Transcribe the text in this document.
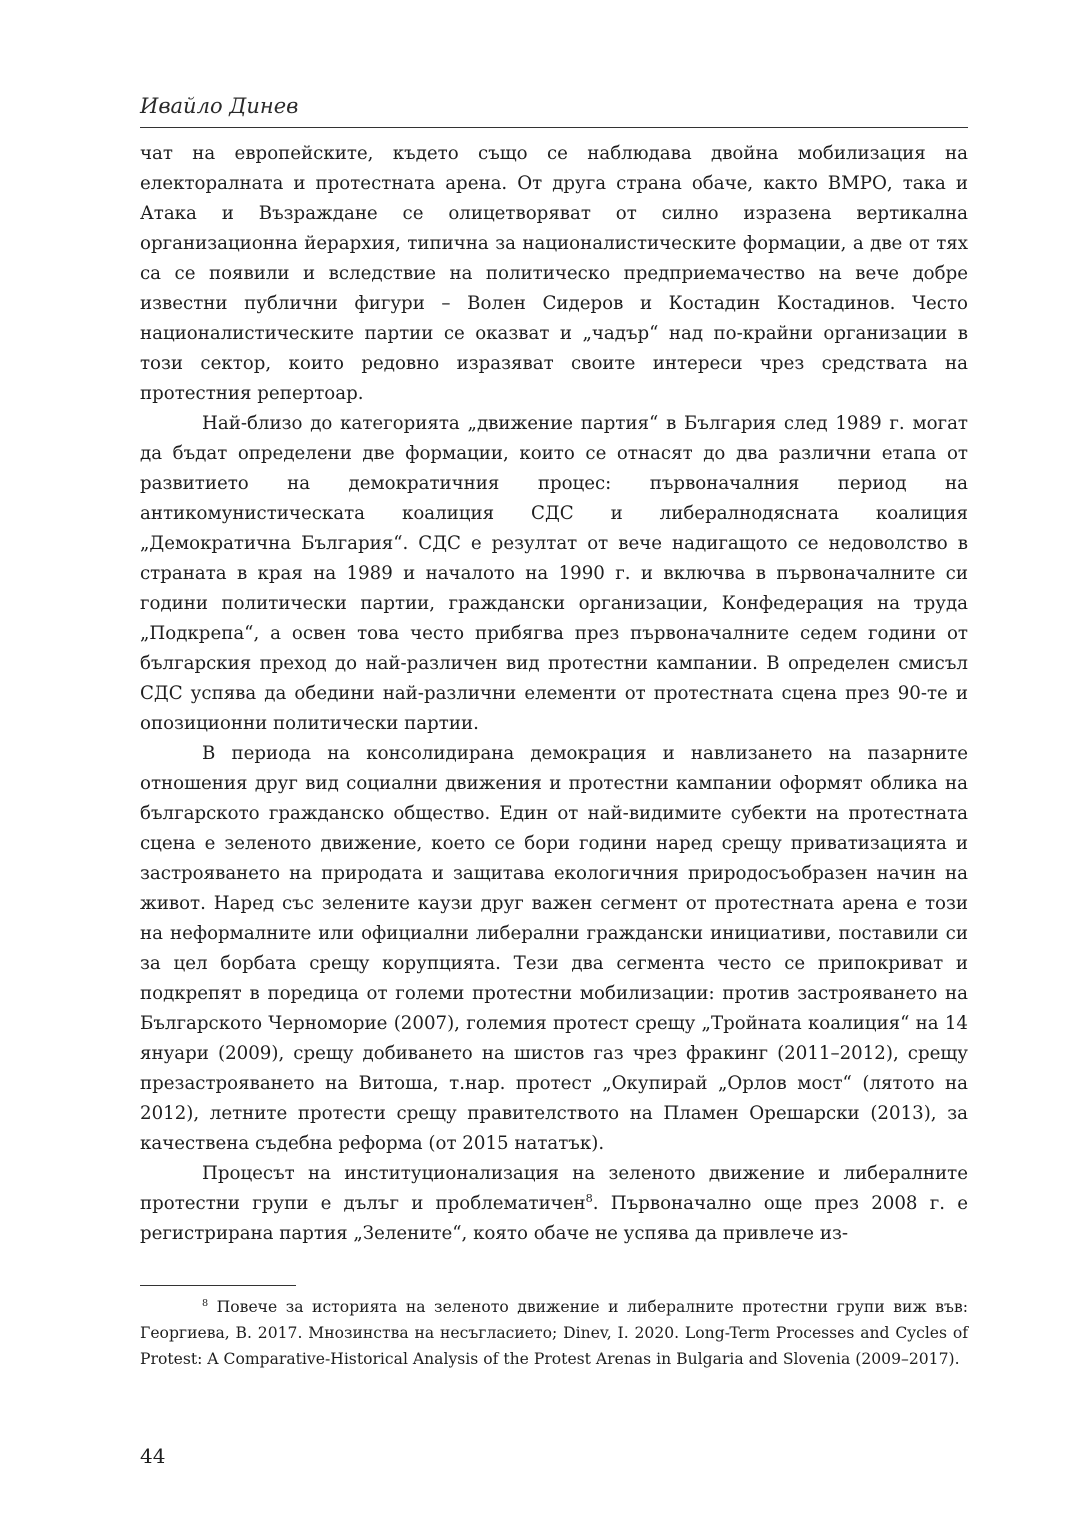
Ивайло Динев

чат на европейските, където също се наблюдава двойна мобилизация на електоралната и протестната арена. От друга страна обаче, както ВМРО, така и Атака и Възраждане се олицетворяват от силно изразена вертикална организационна йерархия, типична за националистическите формации, а две от тях са се появили и вследствие на политическо предприемачество на вече добре известни публични фигури – Волен Сидеров и Костадин Костадинов. Често националистическите партии се оказват и „чадър“ над по-крайни организации в този сектор, които редовно изразяват своите интереси чрез средствата на протестния репертоар.

Най-близо до категорията „движение партия“ в България след 1989 г. могат да бъдат определени две формации, които се отнасят до два различни етапа от развитието на демократичния процес: първоначалния период на антикомунистическата коалиция СДС и либералнодясната коалиция „Демократична България“. СДС е резултат от вече надигащото се недоволство в страната в края на 1989 и началото на 1990 г. и включва в първоначалните си години политически партии, граждански организации, Конфедерация на труда „Подкрепа“, а освен това често прибягва през първоначалните седем години от българския преход до най-различен вид протестни кампании. В определен смисъл СДС успява да обедини най-различни елементи от протестната сцена през 90-те и опозиционни политически партии.

В периода на консолидирана демокрация и навлизането на пазарните отношения друг вид социални движения и протестни кампании оформят облика на българското гражданско общество. Един от най-видимите субекти на протестната сцена е зеленото движение, което се бори години наред срещу приватизацията и застрояването на природата и защитава екологичния природосъобразен начин на живот. Наред със зелените каузи друг важен сегмент от протестната арена е този на неформалните или официални либерални граждански инициативи, поставили си за цел борбата срещу корупцията. Тези два сегмента често се припокриват и подкрепят в поредица от големи протестни мобилизации: против застрояването на Българското Черноморие (2007), големия протест срещу „Тройната коалиция“ на 14 януари (2009), срещу добиването на шистов газ чрез фракинг (2011–2012), срещу презастрояването на Витоша, т.нар. протест „Окупирай „Орлов мост“ (лятото на 2012), летните протести срещу правителството на Пламен Орешарски (2013), за качествена съдебна реформа (от 2015 нататък).

Процесът на институционализация на зеленото движение и либералните протестни групи е дълъг и проблематичен$^8$. Първоначално още през 2008 г. е регистрирана партия „Зелените“, която обаче не успява да привлече из-

$^8$ Повече за историята на зеленото движение и либералните протестни групи виж във: Георгиева, В. 2017. Мнозинства на несъгласието; Dinev, I. 2020. Long-Term Processes and Cycles of Protest: A Comparative-Historical Analysis of the Protest Arenas in Bulgaria and Slovenia (2009–2017).

44
